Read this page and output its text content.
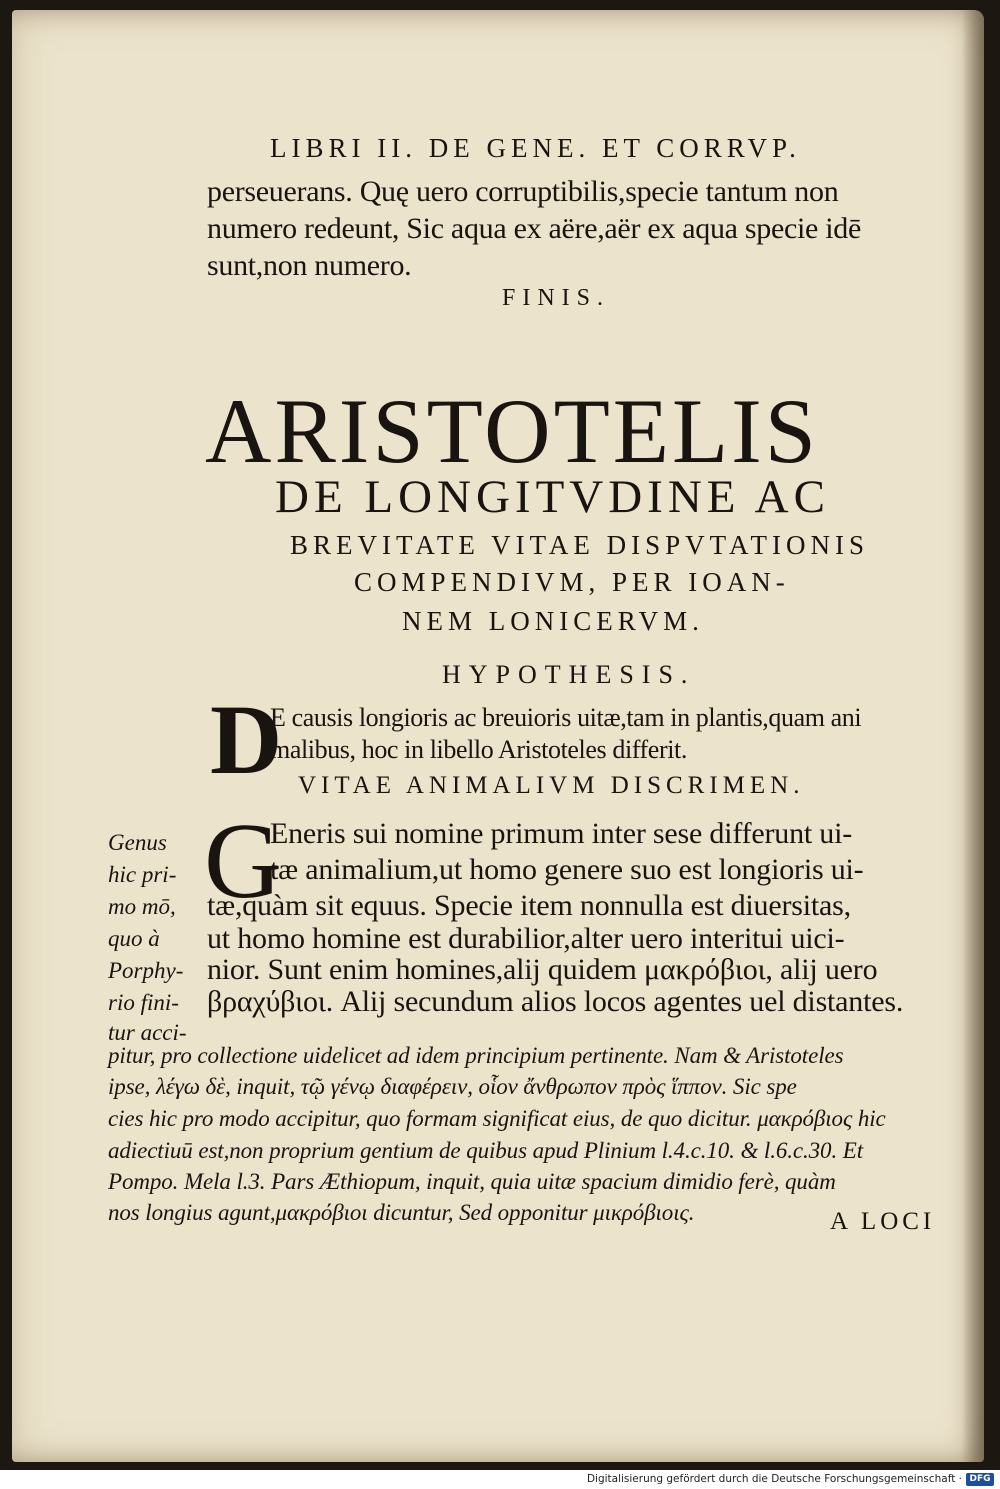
LIBRI II. DE GENE. ET CORRVP.
perseuerans. Quę uero corruptibilis,specie tantum non
numero redeunt, Sic aqua ex aëre,aër ex aqua specie idē
sunt,non numero.
FINIS.
ARISTOTELIS
DE LONGITVDINE AC
BREVITATE VITAE DISPVTATIONIS
COMPENDIVM, PER IOAN-
NEM LONICERVM.
HYPOTHESIS.
D
E causis longioris ac breuioris uitæ,tam in plantis,quam ani
malibus, hoc in libello Aristoteles differit.
VITAE ANIMALIVM DISCRIMEN.
G
Eneris sui nomine primum inter sese differunt ui-
tæ animalium,ut homo genere suo est longioris ui-
tæ,quàm sit equus. Specie item nonnulla est diuersitas,
ut homo homine est durabilior,alter uero interitui uici-
nior. Sunt enim homines,alij quidem μακρόβιοι, alij uero
βραχύβιοι. Alij secundum alios locos agentes uel distantes.
Genus
hic pri-
mo mō,
quo à
Porphy-
rio fini-
tur acci-
pitur, pro collectione uidelicet ad idem principium pertinente. Nam & Aristoteles
ipse, λέγω δὲ, inquit, τῷ γένῳ διαφέρειν, οἷον ἄνθρωπον πρὸς ἵππον. Sic spe
cies hic pro modo accipitur, quo formam significat eius, de quo dicitur. μακρόβιος hic
adiectiuū est,non proprium gentium de quibus apud Plinium l.4.c.10. & l.6.c.30. Et
Pompo. Mela l.3. Pars Æthiopum, inquit, quia uitæ spacium dimidio ferè, quàm
nos longius agunt,μακρόβιοι dicuntur, Sed opponitur μικρόβιοις.	A LOCI
Digitalisierung gefördert durch die Deutsche Forschungsgemeinschaft · DFG
